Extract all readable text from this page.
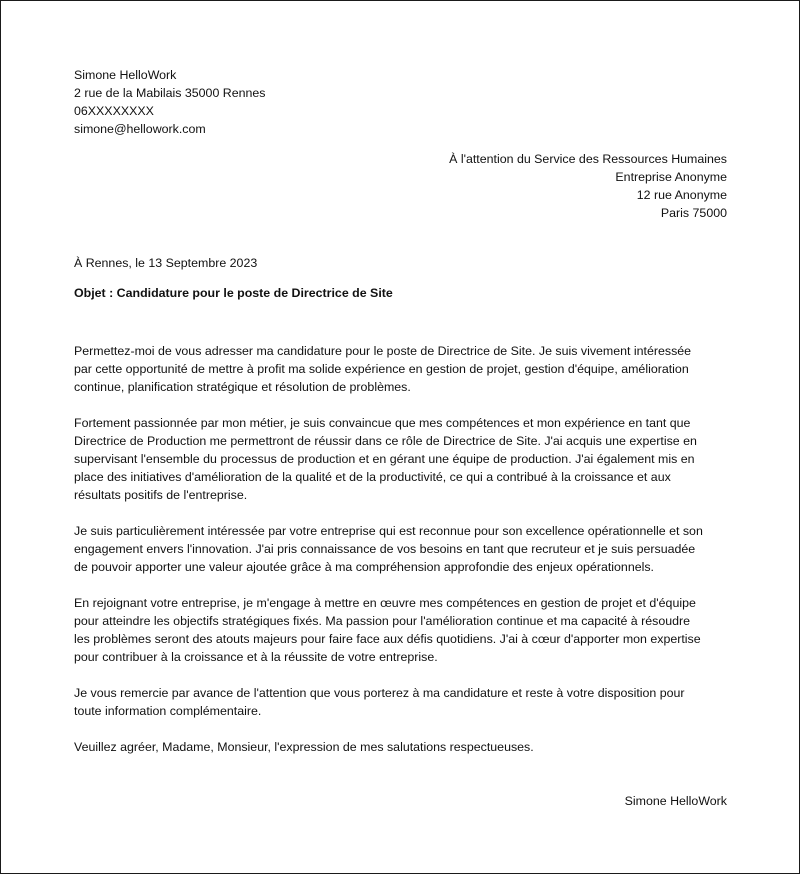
Simone HelloWork
2 rue de la Mabilais 35000 Rennes
06XXXXXXXX
simone@hellowork.com
À l'attention du Service des Ressources Humaines
Entreprise Anonyme
12 rue Anonyme
Paris 75000
À Rennes, le 13 Septembre 2023
Objet : Candidature pour le poste de Directrice de Site

Permettez-moi de vous adresser ma candidature pour le poste de Directrice de Site. Je suis vivement intéressée
par cette opportunité de mettre à profit ma solide expérience en gestion de projet, gestion d'équipe, amélioration
continue, planification stratégique et résolution de problèmes.

Fortement passionnée par mon métier, je suis convaincue que mes compétences et mon expérience en tant que
Directrice de Production me permettront de réussir dans ce rôle de Directrice de Site. J'ai acquis une expertise en
supervisant l'ensemble du processus de production et en gérant une équipe de production. J'ai également mis en
place des initiatives d'amélioration de la qualité et de la productivité, ce qui a contribué à la croissance et aux
résultats positifs de l'entreprise.

Je suis particulièrement intéressée par votre entreprise qui est reconnue pour son excellence opérationnelle et son
engagement envers l'innovation. J'ai pris connaissance de vos besoins en tant que recruteur et je suis persuadée
de pouvoir apporter une valeur ajoutée grâce à ma compréhension approfondie des enjeux opérationnels.

En rejoignant votre entreprise, je m'engage à mettre en œuvre mes compétences en gestion de projet et d'équipe
pour atteindre les objectifs stratégiques fixés. Ma passion pour l'amélioration continue et ma capacité à résoudre
les problèmes seront des atouts majeurs pour faire face aux défis quotidiens. J'ai à cœur d'apporter mon expertise
pour contribuer à la croissance et à la réussite de votre entreprise.

Je vous remercie par avance de l'attention que vous porterez à ma candidature et reste à votre disposition pour
toute information complémentaire.

Veuillez agréer, Madame, Monsieur, l'expression de mes salutations respectueuses.

Simone HelloWork
